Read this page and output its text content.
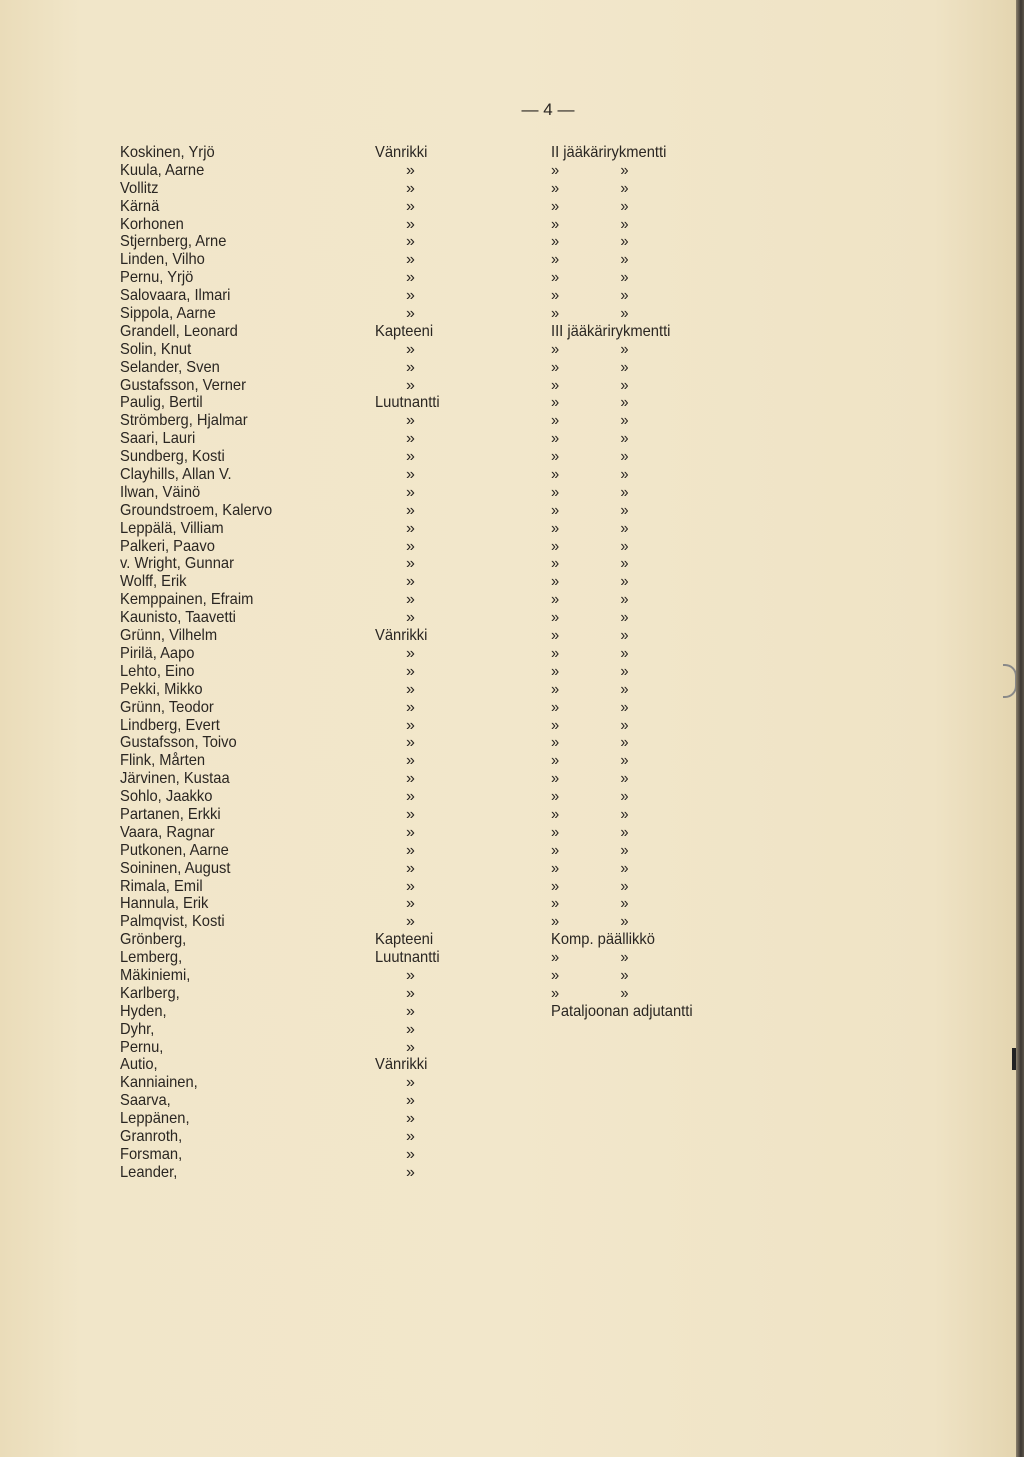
— 4 —
Koskinen, Yrjö	Vänrikki	II jääkärirykmentti
Kuula, Aarne	»	» »
Vollitz	»	» »
Kärnä	»	» »
Korhonen	»	» »
Stjernberg, Arne	»	» »
Linden, Vilho	»	» »
Pernu, Yrjö	»	» »
Salovaara, Ilmari	»	» »
Sippola, Aarne	»	» »
Grandell, Leonard	Kapteeni	III jääkärirykmentti
Solin, Knut	»	» »
Selander, Sven	»	» »
Gustafsson, Verner	»	» »
Paulig, Bertil	Luutnantti	» »
Strömberg, Hjalmar	»	» »
Saari, Lauri	»	» »
Sundberg, Kosti	»	» »
Clayhills, Allan V.	»	» »
Ilwan, Väinö	»	» »
Groundstroem, Kalervo	»	» »
Leppälä, Villiam	»	» »
Palkeri, Paavo	»	» »
v. Wright, Gunnar	»	» »
Wolff, Erik	»	» »
Kemppainen, Efraim	»	» »
Kaunisto, Taavetti	»	» »
Grünn, Vilhelm	Vänrikki	» »
Pirilä, Aapo	»	» »
Lehto, Eino	»	» »
Pekki, Mikko	»	» »
Grünn, Teodor	»	» »
Lindberg, Evert	»	» »
Gustafsson, Toivo	»	» »
Flink, Mårten	»	» »
Järvinen, Kustaa	»	» »
Sohlo, Jaakko	»	» »
Partanen, Erkki	»	» »
Vaara, Ragnar	»	» »
Putkonen, Aarne	»	» »
Soininen, August	»	» »
Rimala, Emil	»	» »
Hannula, Erik	»	» »
Palmqvist, Kosti	»	» »
Grönberg,	Kapteeni	Komp. päällikkö
Lemberg,	Luutnantti	» »
Mäkiniemi,	»	» »
Karlberg,	»	» »
Hyden,	»	Pataljoonan adjutantti
Dyhr,	»
Pernu,	»
Autio,	Vänrikki
Kanniainen,	»
Saarva,	»
Leppänen,	»
Granroth,	»
Forsman,	»
Leander,	»
